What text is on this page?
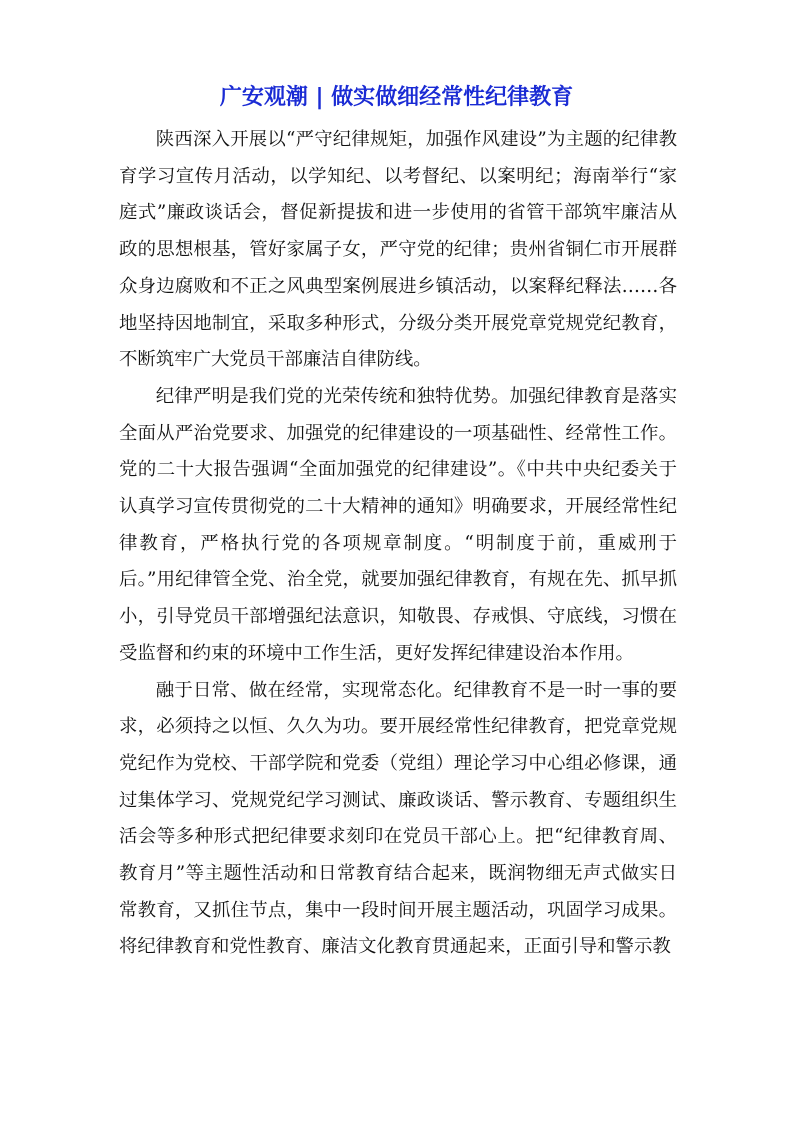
广安观潮 | 做实做细经常性纪律教育

陕西深入开展以“严守纪律规矩，加强作风建设”为主题的纪律教育学习宣传月活动，以学知纪、以考督纪、以案明纪；海南举行“家庭式”廉政谈话会，督促新提拔和进一步使用的省管干部筑牢廉洁从政的思想根基，管好家属子女，严守党的纪律；贵州省铜仁市开展群众身边腐败和不正之风典型案例展进乡镇活动，以案释纪释法……各地坚持因地制宜，采取多种形式，分级分类开展党章党规党纪教育，不断筑牢广大党员干部廉洁自律防线。

纪律严明是我们党的光荣传统和独特优势。加强纪律教育是落实全面从严治党要求、加强党的纪律建设的一项基础性、经常性工作。党的二十大报告强调“全面加强党的纪律建设”。《中共中央纪委关于认真学习宣传贯彻党的二十大精神的通知》明确要求，开展经常性纪律教育，严格执行党的各项规章制度。“明制度于前，重威刑于后。”用纪律管全党、治全党，就要加强纪律教育，有规在先、抓早抓小，引导党员干部增强纪法意识，知敬畏、存戒惧、守底线，习惯在受监督和约束的环境中工作生活，更好发挥纪律建设治本作用。

融于日常、做在经常，实现常态化。纪律教育不是一时一事的要求，必须持之以恒、久久为功。要开展经常性纪律教育，把党章党规党纪作为党校、干部学院和党委（党组）理论学习中心组必修课，通过集体学习、党规党纪学习测试、廉政谈话、警示教育、专题组织生活会等多种形式把纪律要求刻印在党员干部心上。把“纪律教育周、教育月”等主题性活动和日常教育结合起来，既润物细无声式做实日常教育，又抓住节点，集中一段时间开展主题活动，巩固学习成果。将纪律教育和党性教育、廉洁文化教育贯通起来，正面引导和警示教
